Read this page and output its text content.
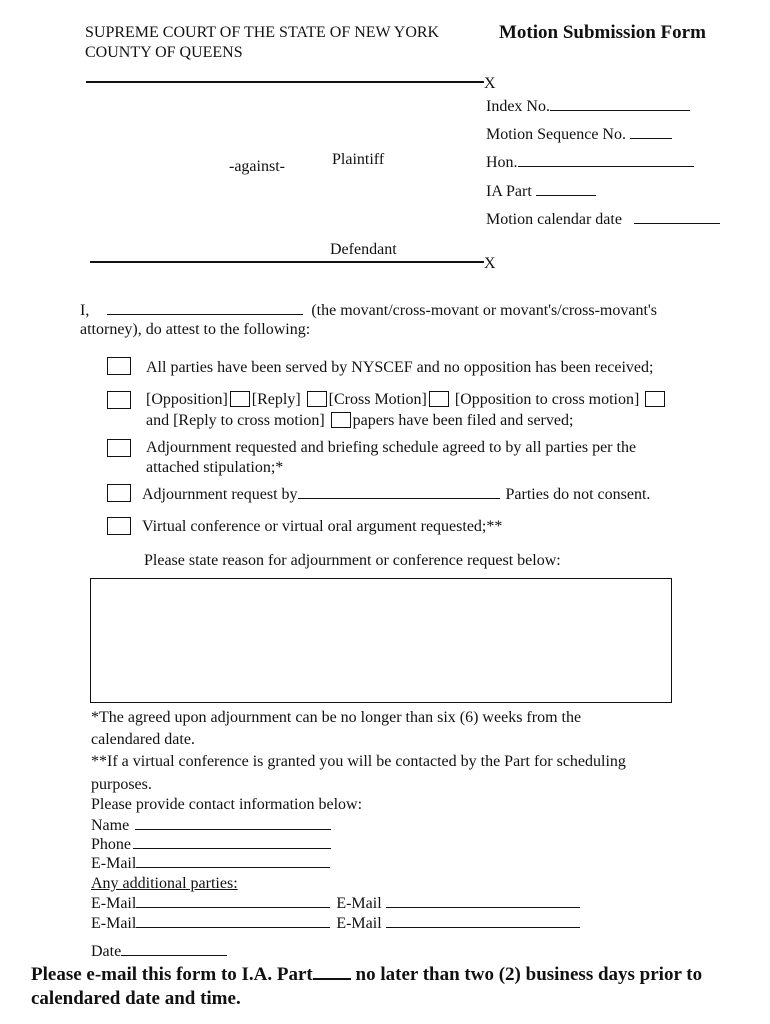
SUPREME COURT OF THE STATE OF NEW YORK
COUNTY OF QUEENS
Motion Submission Form
X
Index No.
Motion Sequence No.
Hon.
IA Part
Motion calendar date
Plaintiff
-against-
Defendant
X
I,	(the movant/cross-movant or movant's/cross-movant's
attorney), do attest to the following:
All parties have been served by NYSCEF and no opposition has been received;
[Opposition] [Reply] [Cross Motion] [Opposition to cross motion]
and [Reply to cross motion] papers have been filed and served;
Adjournment requested and briefing schedule agreed to by all parties per the
attached stipulation;*
Adjournment request by	Parties do not consent.
Virtual conference or virtual oral argument requested;**
Please state reason for adjournment or conference request below:
*The agreed upon adjournment can be no longer than six (6) weeks from the
calendared date.
**If a virtual conference is granted you will be contacted by the Part for scheduling
purposes.
Please provide contact information below:
Name
Phone
E-Mail
Any additional parties:
E-Mail	E-Mail
E-Mail	E-Mail
Date
Please e-mail this form to I.A. Part no later than two (2) business days prior to
calendared date and time.
